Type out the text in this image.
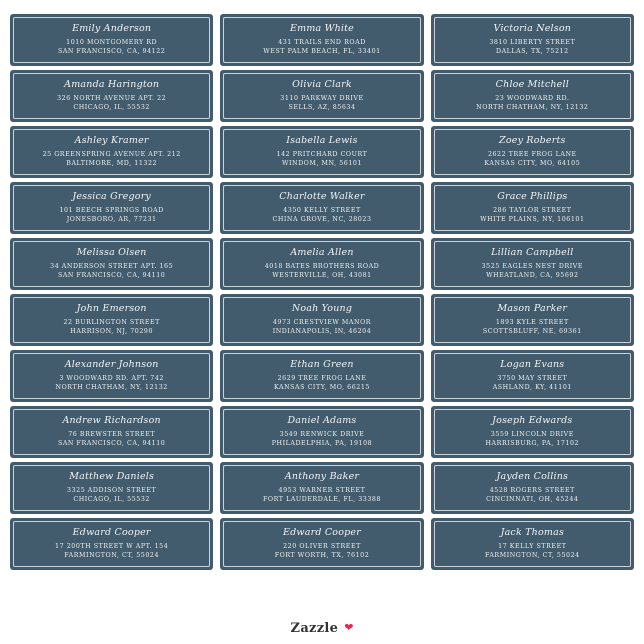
Emily Anderson
1010 MONTGOMERY RD
SAN FRANCISCO, CA, 94122
Emma White
431 TRAILS END ROAD
WEST PALM BEACH, FL, 33401
Victoria Nelson
3810 LIBERTY STREET
DALLAS, TX, 75212
Amanda Harington
326 NORTH AVENUE APT. 22
CHICAGO, IL, 55532
Olivia Clark
3110 PARKWAY DRIVE
SELLS, AZ, 85634
Chloe Mitchell
23 WOODWARD RD.
NORTH CHATHAM, NY, 12132
Ashley Kramer
25 GREENSPRING AVENUE APT. 212
BALTIMORE, MD, 11322
Isabella Lewis
142 PRITCHARD COURT
WINDOM, MN, 56101
Zoey Roberts
2622 TREE FROG LANE
KANSAS CITY, MO, 64105
Jessica Gregory
101 BEECH SPRINGS ROAD
JONESBORO, AR, 77231
Charlotte Walker
4350 KELLY STREET
CHINA GROVE, NC, 28023
Grace Phillips
286 TAYLOR STREET
WHITE PLAINS, NY, 106101
Melissa Olsen
34 ANDERSON STREET APT. 165
SAN FRANCISCO, CA, 94110
Amelia Allen
4018 BATES BROTHERS ROAD
WESTERVILLE, OH, 43081
Lillian Campbell
3525 EAGLES NEST DRIVE
WHEATLAND, CA, 95692
John Emerson
22 BURLINGTON STREET
HARRISON, NJ, 70290
Noah Young
4973 CRESTVIEW MANOR
INDIANAPOLIS, IN, 46204
Mason Parker
1893 KYLE STREET
SCOTTSBLUFF, NE, 69361
Alexander Johnson
3 WOODWARD RD. APT. 742
NORTH CHATHAM, NY, 12132
Ethan Green
2629 TREE FROG LANE
KANSAS CITY, MO, 66215
Logan Evans
3750 MAY STREET
ASHLAND, KY, 41101
Andrew Richardson
76 BREWSTER STREET
SAN FRANCISCO, CA, 94110
Daniel Adams
3549 RENWICK DRIVE
PHILADELPHIA, PA, 19108
Joseph Edwards
3559 LINCOLN DRIVE
HARRISBURG, PA, 17102
Matthew Daniels
3325 ADDISON STREET
CHICAGO, IL, 55532
Anthony Baker
4953 WARNER STREET
FORT LAUDERDALE, FL, 33388
Jayden Collins
4528 ROGERS STREET
CINCINNATI, OH, 45244
Edward Cooper
17 200TH STREET W APT. 154
FARMINGTON, CT, 55024
Edward Cooper
220 OLIVER STREET
FORT WORTH, TX, 76102
Jack Thomas
17 KELLY STREET
FARMINGTON, CT, 55024
Zazzle ❤
